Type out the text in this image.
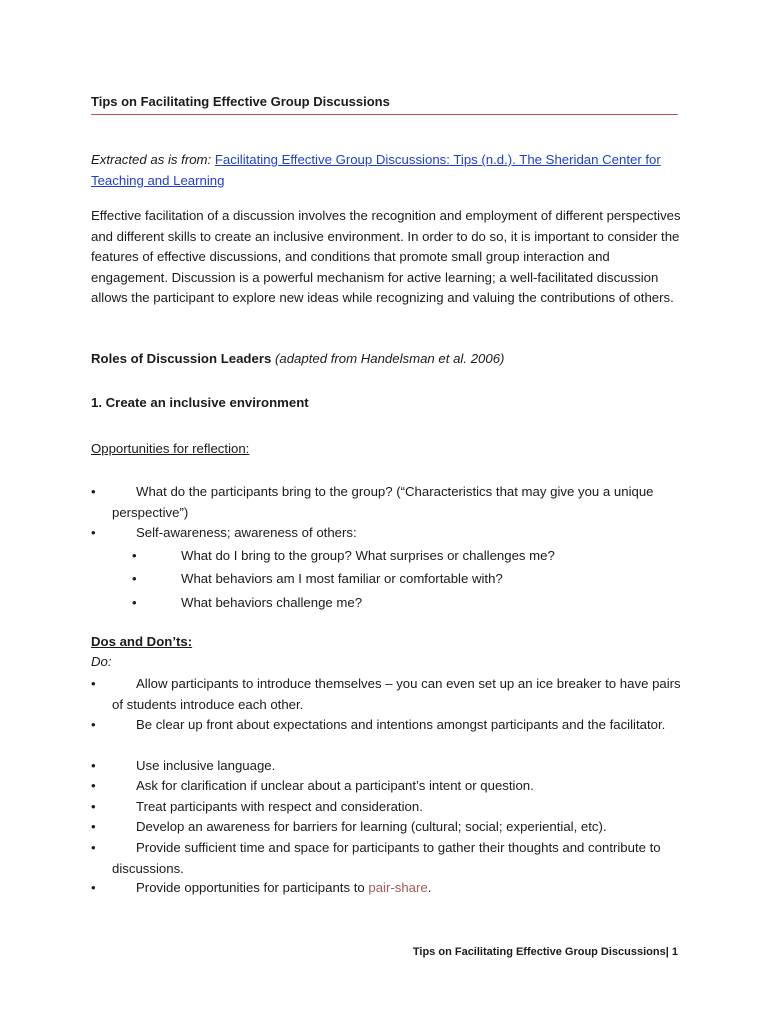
Tips on Facilitating Effective Group Discussions
Extracted as is from: Facilitating Effective Group Discussions: Tips (n.d.). The Sheridan Center for Teaching and Learning
Effective facilitation of a discussion involves the recognition and employment of different perspectives and different skills to create an inclusive environment. In order to do so, it is important to consider the features of effective discussions, and conditions that promote small group interaction and engagement. Discussion is a powerful mechanism for active learning; a well-facilitated discussion allows the participant to explore new ideas while recognizing and valuing the contributions of others.
Roles of Discussion Leaders (adapted from Handelsman et al. 2006)
1. Create an inclusive environment
Opportunities for reflection:
•	What do the participants bring to the group? (“Characteristics that may give you a unique perspective”)
•	Self-awareness; awareness of others:
•	What do I bring to the group? What surprises or challenges me?
•	What behaviors am I most familiar or comfortable with?
•	What behaviors challenge me?
Dos and Don’ts:
Do:
•	Allow participants to introduce themselves – you can even set up an ice breaker to have pairs of students introduce each other.
•	Be clear up front about expectations and intentions amongst participants and the facilitator.
•	Use inclusive language.
•	Ask for clarification if unclear about a participant’s intent or question.
•	Treat participants with respect and consideration.
•	Develop an awareness for barriers for learning (cultural; social; experiential, etc).
•	Provide sufficient time and space for participants to gather their thoughts and contribute to discussions.
•	Provide opportunities for participants to pair-share.
Tips on Facilitating Effective Group Discussions| 1
